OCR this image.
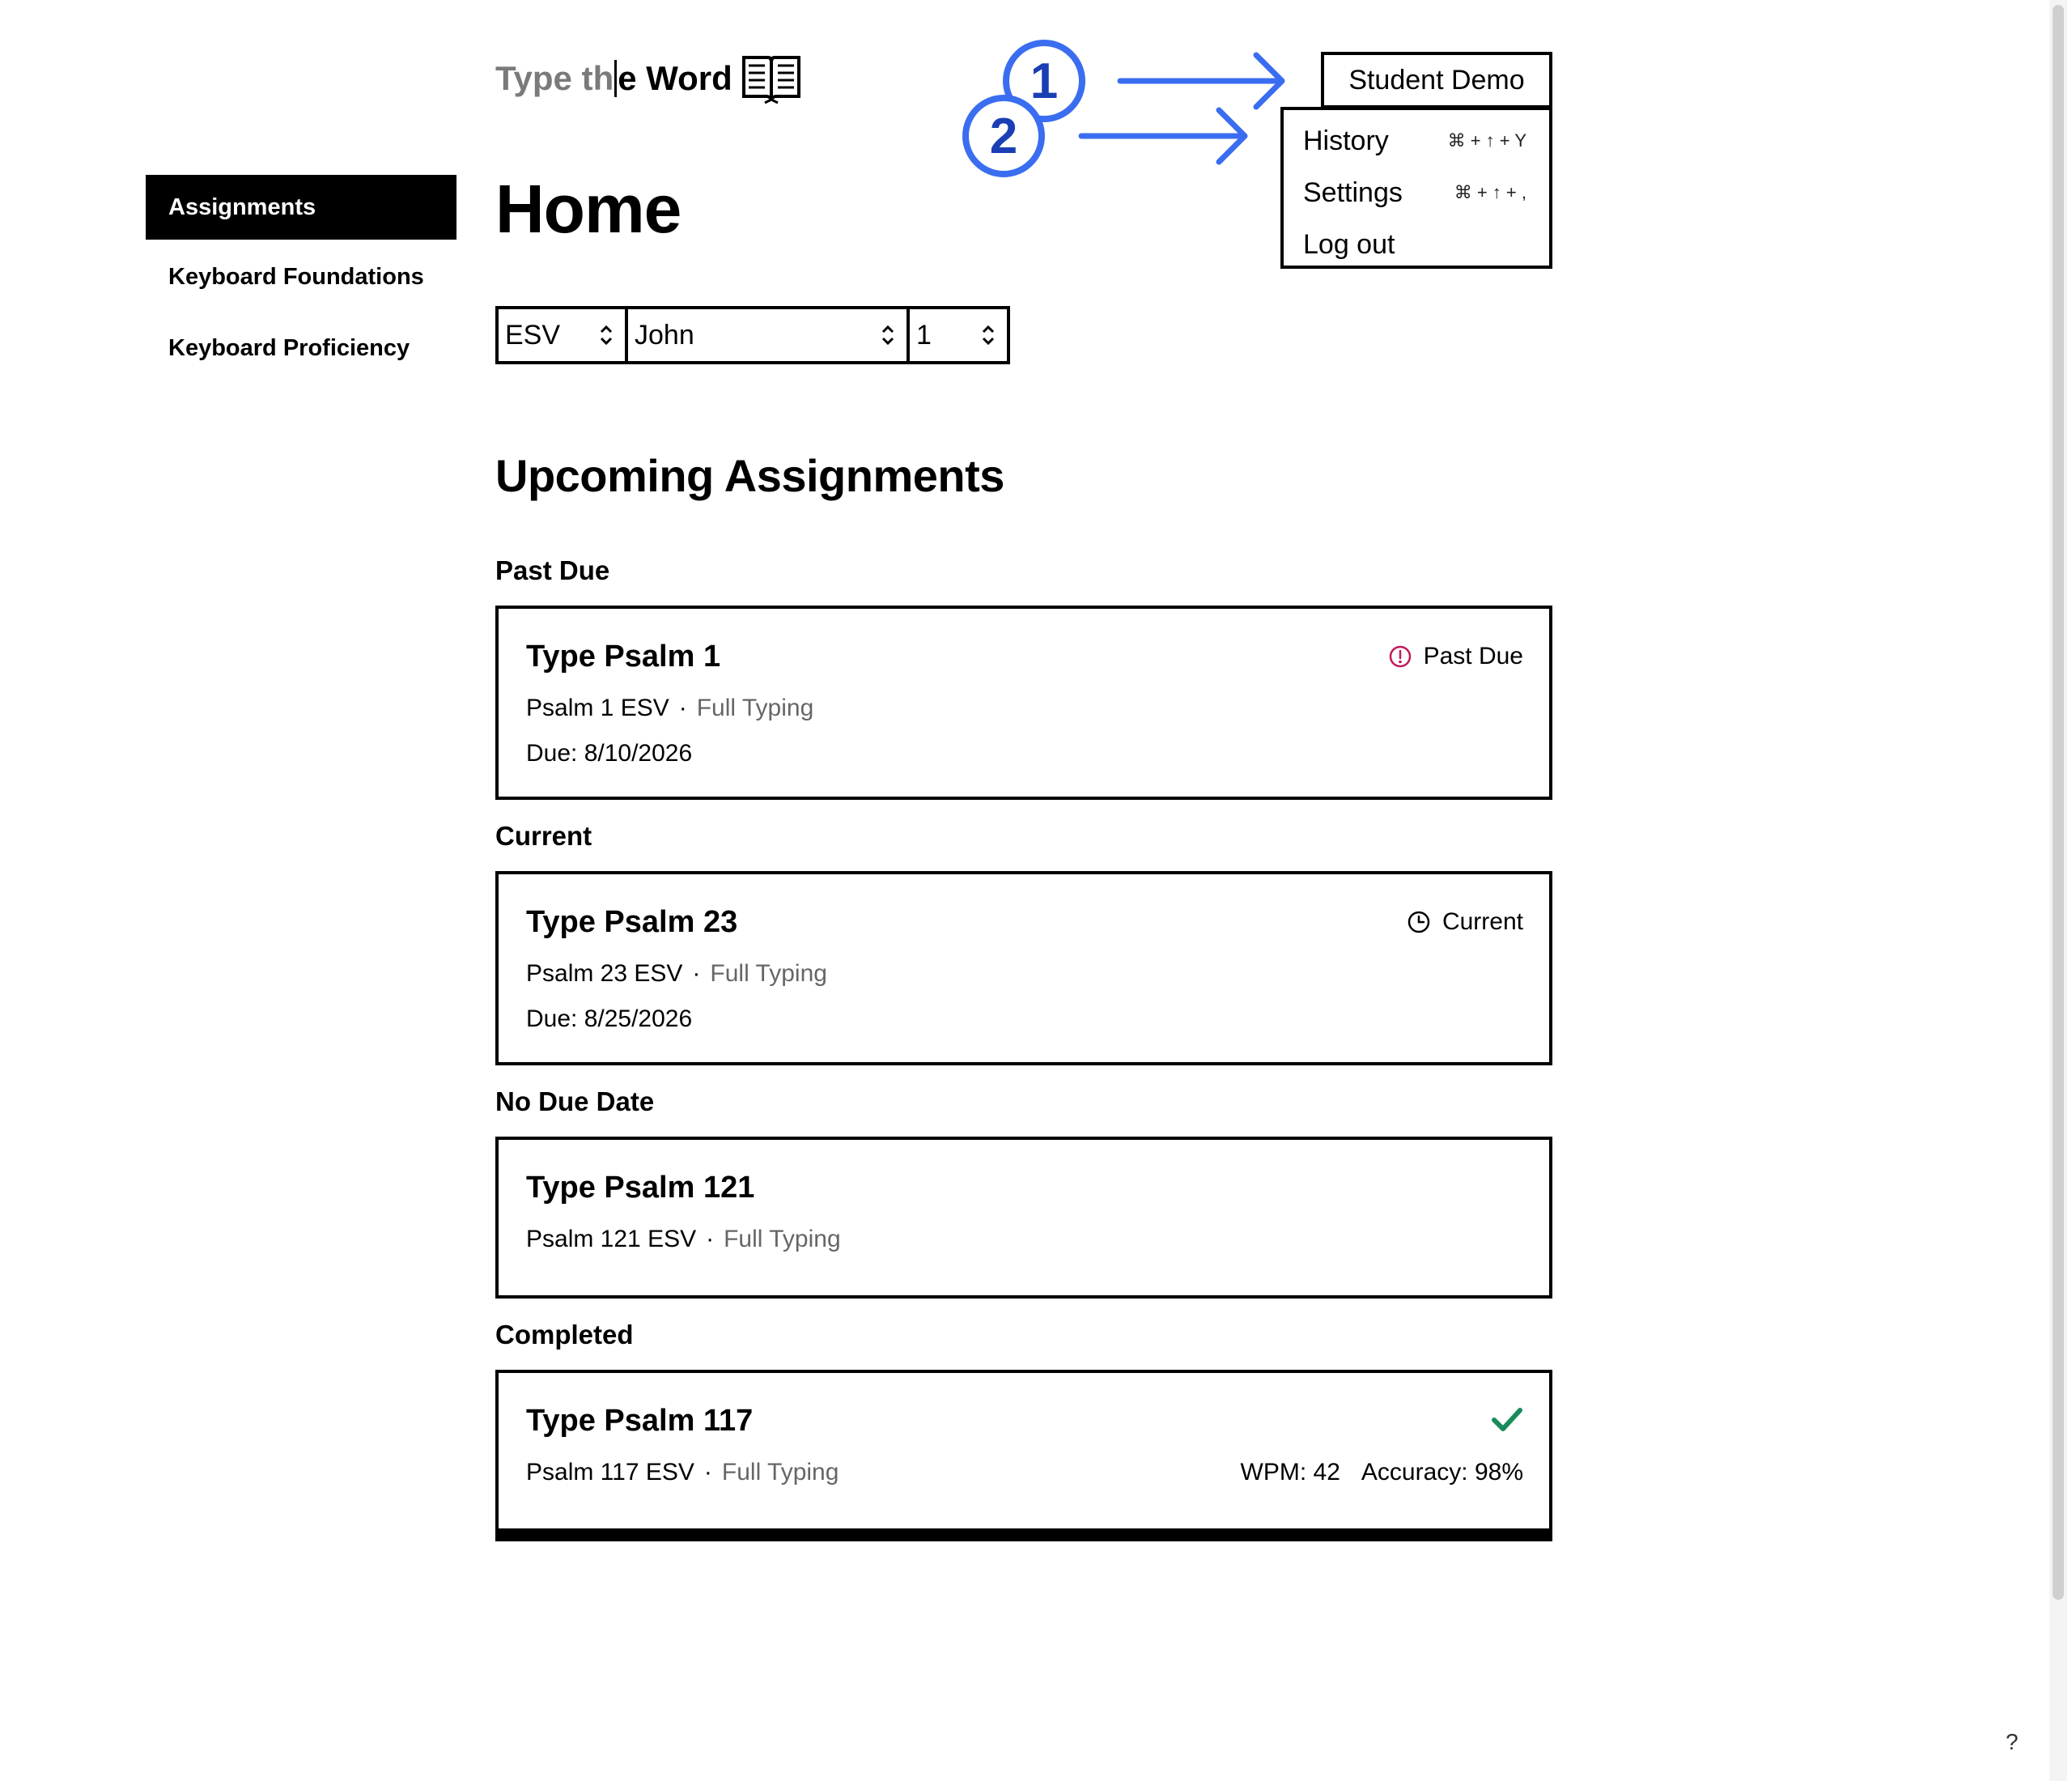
Type th e Word	1
2
Student Demo
History	⌘ + ↑ + Y
Settings	⌘ + ↑ + ,
Log out
Assignments
Keyboard Foundations
Keyboard Proficiency
Home
ESV	John	1
Upcoming Assignments
Past Due
Type Psalm 1	Past Due
Psalm 1 ESV · Full Typing
Due: 8/10/2026
Current
Type Psalm 23	Current
Psalm 23 ESV · Full Typing
Due: 8/25/2026
No Due Date
Type Psalm 121
Psalm 121 ESV · Full Typing
Completed
Type Psalm 117
Psalm 117 ESV · Full Typing	WPM: 42 Accuracy: 98%
?
